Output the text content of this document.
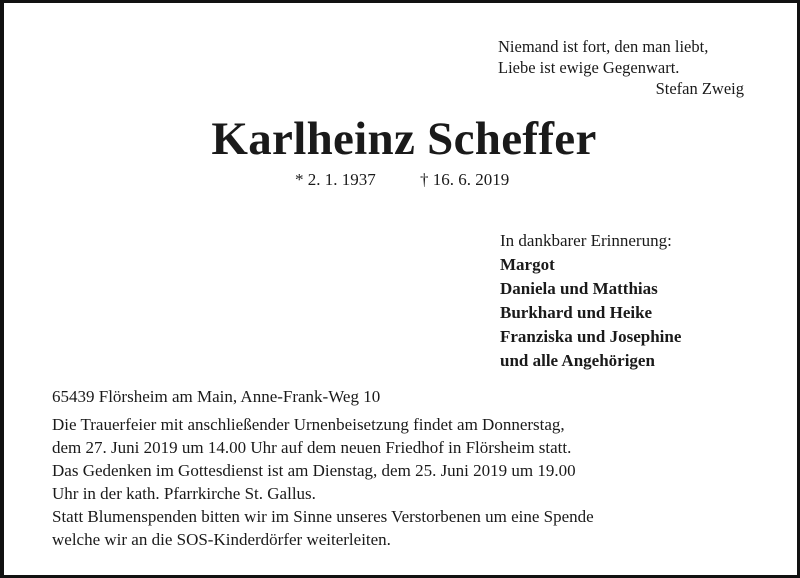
Niemand ist fort, den man liebt,
Liebe ist ewige Gegenwart.
Stefan Zweig
Karlheinz Scheffer
* 2. 1. 1937	† 16. 6. 2019
In dankbarer Erinnerung:
Margot
Daniela und Matthias
Burkhard und Heike
Franziska und Josephine
und alle Angehörigen
65439 Flörsheim am Main, Anne-Frank-Weg 10
Die Trauerfeier mit anschließender Urnenbeisetzung findet am Donnerstag,
dem 27. Juni 2019 um 14.00 Uhr auf dem neuen Friedhof in Flörsheim statt.
Das Gedenken im Gottesdienst ist am Dienstag, dem 25. Juni 2019 um 19.00
Uhr in der kath. Pfarrkirche St. Gallus.
Statt Blumenspenden bitten wir im Sinne unseres Verstorbenen um eine Spende
welche wir an die SOS-Kinderdörfer weiterleiten.
